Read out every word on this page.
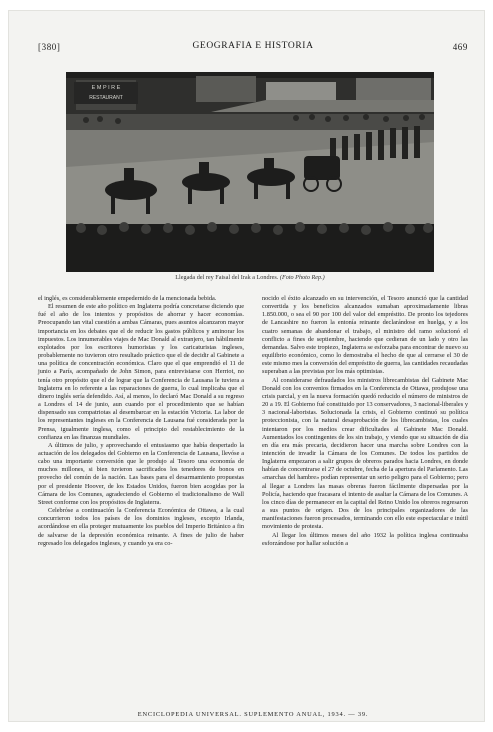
[380]	GEOGRAFIA E HISTORIA	469
E M P I R E
RESTAURANT
Llegada del rey Faisal del Irak a Londres. (Foto Photo Rep.)

el inglés, es considerablemente empedernido de la mencionada bebida.

El resumen de este año político en Inglaterra podría concretarse diciendo que fué el año de los intentos y propósitos de ahorrar y hacer economías. Preocupando tan vital cuestión a ambas Cámaras, pues asuntos alcanzaron mayor importancia en los debates que el de reducir los gastos públicos y aminorar los impuestos. Los innumerables viajes de Mac Donald al extranjero, tan hábilmente explotados por los escritores humoristas y los caricaturistas ingleses, probablemente no tuvieron otro resultado práctico que el de decidir al Gabinete a una política de concentración económica. Claro que el que emprendió el 11 de junio a París, acompañado de John Simon, para entrevistarse con Herriot, no tenía otro propósito que el de lograr que la Conferencia de Lausana le tuviera a Inglaterra en lo referente a las reparaciones de guerra, lo cual implicaba que el dinero inglés sería defendido. Así, al menos, lo declaró Mac Donald a su regreso a Londres el 14 de junio, aun cuando por el procedimiento que se habían dispensado sus compatriotas al desembarcar en la estación Victoria. La labor de los representantes ingleses en la Conferencia de Lausana fué considerada por la Prensa, igualmente inglesa, como el principio del restablecimiento de la confianza en las finanzas mundiales.

A últimos de julio, y aprovechando el entusiasmo que había despertado la actuación de los delegados del Gobierno en la Conferencia de Lausana, llevóse a cabo una importante conversión que le produjo al Tesoro una economía de muchos millones, si bien tuvieron sacrificados los tenedores de bonos en provecho del común de la nación. Las bases para el desarmamiento propuestas por el presidente Hoover, de los Estados Unidos, fueron bien acogidas por la Cámara de los Comunes, agradeciendo el Gobierno el tradicionalismo de Wall Street conforme con los propósitos de Inglaterra.

Celebróse a continuación la Conferencia Económica de Ottawa, a la cual concurrieron todos los países de los dominios ingleses, excepto Irlanda, acordándose en ella proteger mutuamente los pueblos del Imperio Británico a fin de salvarse de la depresión económica reinante. A fines de julio de haber regresado los delegados ingleses, y cuando ya era co-

nocido el éxito alcanzado en su intervención, el Tesoro anunció que la cantidad convertida y los beneficios alcanzados sumaban aproximadamente libras 1.850.000, o sea el 90 por 100 del valor del empréstito. De pronto los tejedores de Lancashire no fueron la entonía reinante declarándose en huelga, y a los cuatro semanas de abandonar el trabajo, el ministro del ramo solucionó el conflicto a fines de septiembre, haciendo que cedieran de un lado y otro las demandas. Salvo este tropiezo, Inglaterra se esforzaba para encontrar de nuevo su equilibrio económico, como lo demostraba el hecho de que al cerrarse el 30 de este mismo mes la conversión del empréstito de guerra, las cantidades recaudadas superaban a las previstas por los más optimistas.

Al considerarse defraudados los ministros librecambistas del Gabinete Mac Donald con los convenios firmados en la Conferencia de Ottawa, produjose una crisis parcial, y en la nueva formación quedó reducido el número de ministros de 20 a 19. El Gobierno fué constituido por 13 conservadores, 3 nacional-liberales y 3 nacional-laboristas. Solucionada la crisis, el Gobierno continuó su política proteccionista, con la natural desaprobación de los librecambistas, los cuales intentaron por los medios crear dificultades al Gabinete Mac Donald. Aumentados los contingentes de los sin trabajo, y viendo que su situación de día en día era más precaria, decidieron hacer una marcha sobre Londres con la intención de invadir la Cámara de los Comunes. De todos los partidos de Inglaterra empezaron a salir grupos de obreros parados hacia Londres, en donde habían de concentrarse el 27 de octubre, fecha de la apertura del Parlamento. Las «marchas del hambre» podían representar un serio peligro para el Gobierno; pero al llegar a Londres las masas obreras fueron fácilmente dispersadas por la Policía, haciendo que fracasara el intento de asaltar la Cámara de los Comunes. A los cinco días de permanecer en la capital del Reino Unido los obreros regresaron a sus puntos de origen. Dos de los principales organizadores de las manifestaciones fueron procesados, terminando con ello este espectacular e inútil movimiento de protesta.

Al llegar los últimos meses del año 1932 la política inglesa continuaba esforzándose por hallar solución a

ENCICLOPEDIA UNIVERSAL. SUPLEMENTO ANUAL, 1934. — 39.
